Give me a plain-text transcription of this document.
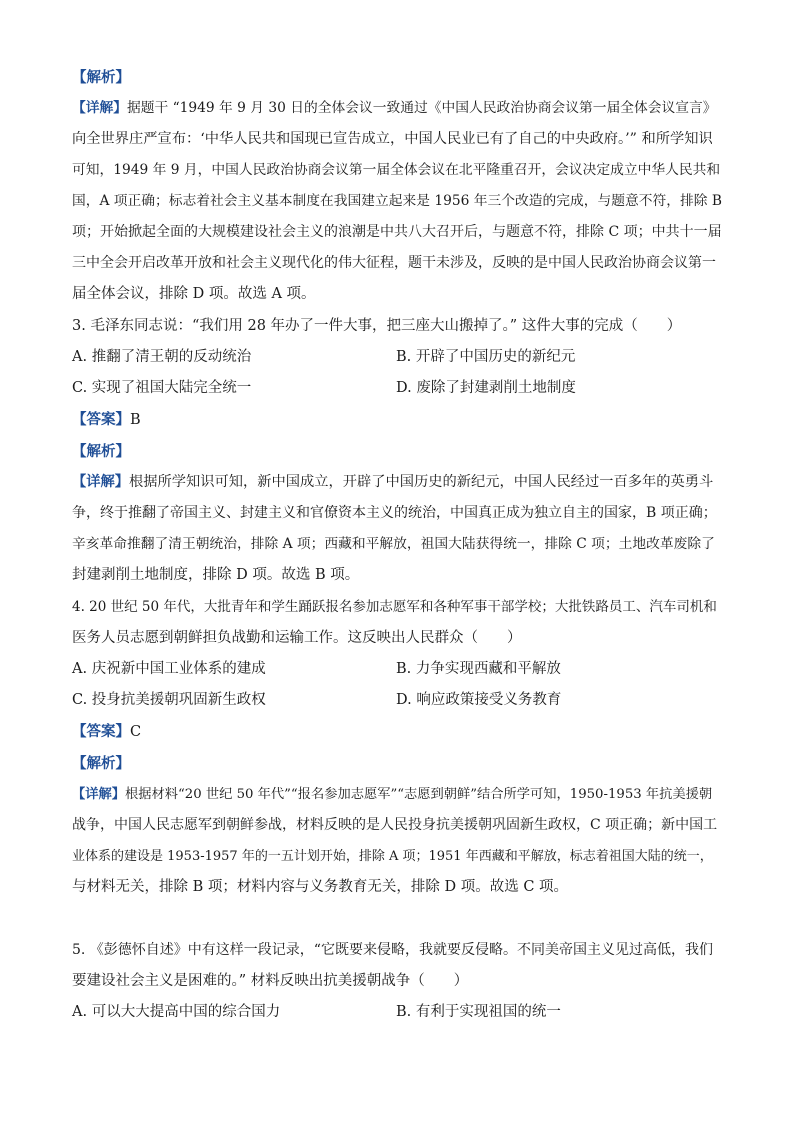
【解析】
【详解】据题干 “1949 年 9 月 30 日的全体会议一致通过《中国人民政治协商会议第一届全体会议宣言》
向全世界庄严宣布：‘中华人民共和国现已宣告成立，中国人民业已有了自己的中央政府。’” 和所学知识
可知，1949 年 9 月，中国人民政治协商会议第一届全体会议在北平隆重召开，会议决定成立中华人民共和
国，A 项正确；标志着社会主义基本制度在我国建立起来是 1956 年三个改造的完成，与题意不符，排除 B
项；开始掀起全面的大规模建设社会主义的浪潮是中共八大召开后，与题意不符，排除 C 项；中共十一届
三中全会开启改革开放和社会主义现代化的伟大征程，题干未涉及，反映的是中国人民政治协商会议第一
届全体会议，排除 D 项。故选 A 项。
3. 毛泽东同志说：“我们用 28 年办了一件大事，把三座大山搬掉了。” 这件大事的完成（　　）
A. 推翻了清王朝的反动统治	B. 开辟了中国历史的新纪元
C. 实现了祖国大陆完全统一	D. 废除了封建剥削土地制度
【答案】B
【解析】
【详解】根据所学知识可知，新中国成立，开辟了中国历史的新纪元，中国人民经过一百多年的英勇斗
争，终于推翻了帝国主义、封建主义和官僚资本主义的统治，中国真正成为独立自主的国家，B 项正确；
辛亥革命推翻了清王朝统治，排除 A 项；西藏和平解放，祖国大陆获得统一，排除 C 项；土地改革废除了
封建剥削土地制度，排除 D 项。故选 B 项。
4. 20 世纪 50 年代，大批青年和学生踊跃报名参加志愿军和各种军事干部学校；大批铁路员工、汽车司机和
医务人员志愿到朝鲜担负战勤和运输工作。这反映出人民群众（　　）
A. 庆祝新中国工业体系的建成	B. 力争实现西藏和平解放
C. 投身抗美援朝巩固新生政权	D. 响应政策接受义务教育
【答案】C
【解析】
【详解】根据材料“20 世纪 50 年代”“报名参加志愿军”“志愿到朝鲜”结合所学可知，1950-1953 年抗美援朝
战争，中国人民志愿军到朝鲜参战，材料反映的是人民投身抗美援朝巩固新生政权，C 项正确；新中国工
业体系的建设是 1953-1957 年的一五计划开始，排除 A 项；1951 年西藏和平解放，标志着祖国大陆的统一，
与材料无关，排除 B 项；材料内容与义务教育无关，排除 D 项。故选 C 项。
5. 《彭德怀自述》中有这样一段记录，“它既要来侵略，我就要反侵略。不同美帝国主义见过高低，我们
要建设社会主义是困难的。” 材料反映出抗美援朝战争（　　）
A. 可以大大提高中国的综合国力	B. 有利于实现祖国的统一
